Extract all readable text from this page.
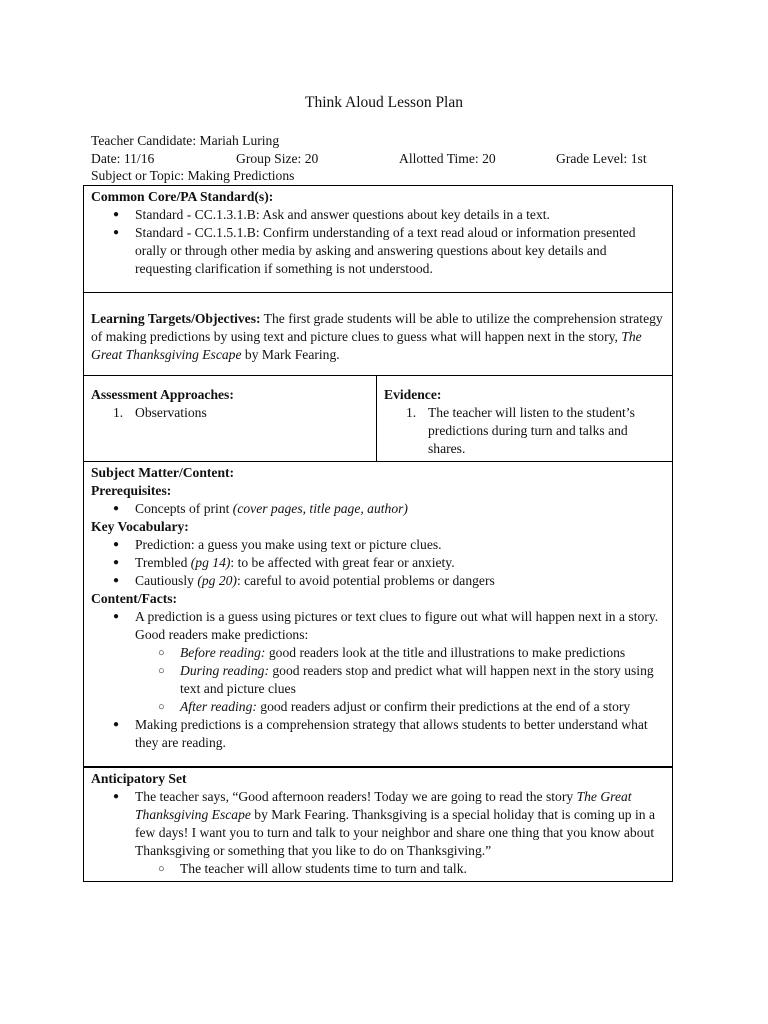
Think Aloud Lesson Plan
Teacher Candidate: Mariah Luring
Date: 11/16	Group Size: 20	Allotted Time: 20	Grade Level: 1st
Subject or Topic: Making Predictions
Common Core/PA Standard(s):
● Standard - CC.1.3.1.B: Ask and answer questions about key details in a text.
● Standard - CC.1.5.1.B: Confirm understanding of a text read aloud or information presented orally or through other media by asking and answering questions about key details and requesting clarification if something is not understood.

Learning Targets/Objectives: The first grade students will be able to utilize the comprehension strategy of making predictions by using text and picture clues to guess what will happen next in the story, The Great Thanksgiving Escape by Mark Fearing.

Assessment Approaches:
1. Observations
	Evidence:
1. The teacher will listen to the student’s predictions during turn and talks and shares.

Subject Matter/Content:
Prerequisites:
● Concepts of print (cover pages, title page, author)
Key Vocabulary:
● Prediction: a guess you make using text or picture clues.
● Trembled (pg 14): to be affected with great fear or anxiety.
● Cautiously (pg 20): careful to avoid potential problems or dangers
Content/Facts:
● A prediction is a guess using pictures or text clues to figure out what will happen next in a story. Good readers make predictions:
○ Before reading: good readers look at the title and illustrations to make predictions
○ During reading: good readers stop and predict what will happen next in the story using text and picture clues
○ After reading: good readers adjust or confirm their predictions at the end of a story
● Making predictions is a comprehension strategy that allows students to better understand what they are reading.

Anticipatory Set
● The teacher says, “Good afternoon readers! Today we are going to read the story The Great Thanksgiving Escape by Mark Fearing. Thanksgiving is a special holiday that is coming up in a few days! I want you to turn and talk to your neighbor and share one thing that you know about Thanksgiving or something that you like to do on Thanksgiving.”
○ The teacher will allow students time to turn and talk.
